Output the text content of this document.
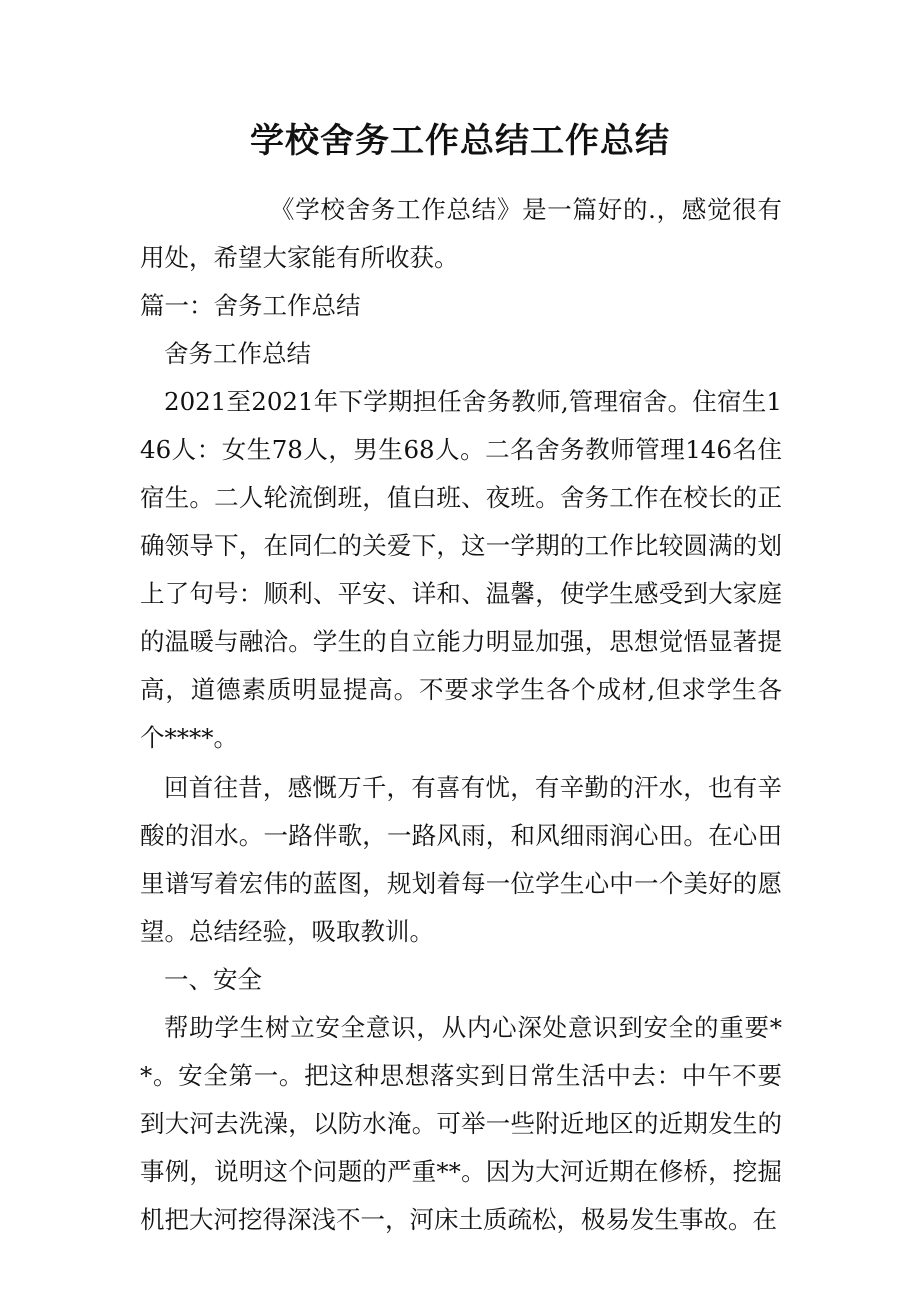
学校舍务工作总结工作总结

《学校舍务工作总结》是一篇好的.，感觉很有用处，希望大家能有所收获。

篇一：舍务工作总结

舍务工作总结

2021至2021年下学期担任舍务教师,管理宿舍。住宿生146人：女生78人，男生68人。二名舍务教师管理146名住宿生。二人轮流倒班，值白班、夜班。舍务工作在校长的正确领导下，在同仁的关爱下，这一学期的工作比较圆满的划上了句号：顺利、平安、详和、温馨，使学生感受到大家庭的温暖与融洽。学生的自立能力明显加强，思想觉悟显著提高，道德素质明显提高。不要求学生各个成材,但求学生各个****。

回首往昔，感慨万千，有喜有忧，有辛勤的汗水，也有辛酸的泪水。一路伴歌，一路风雨，和风细雨润心田。在心田里谱写着宏伟的蓝图，规划着每一位学生心中一个美好的愿望。总结经验，吸取教训。

一、安全

帮助学生树立安全意识，从内心深处意识到安全的重要**。安全第一。把这种思想落实到日常生活中去：中午不要到大河去洗澡，以防水淹。可举一些附近地区的近期发生的事例，说明这个问题的严重**。因为大河近期在修桥，挖掘机把大河挖得深浅不一，河床土质疏松，极易发生事故。在
